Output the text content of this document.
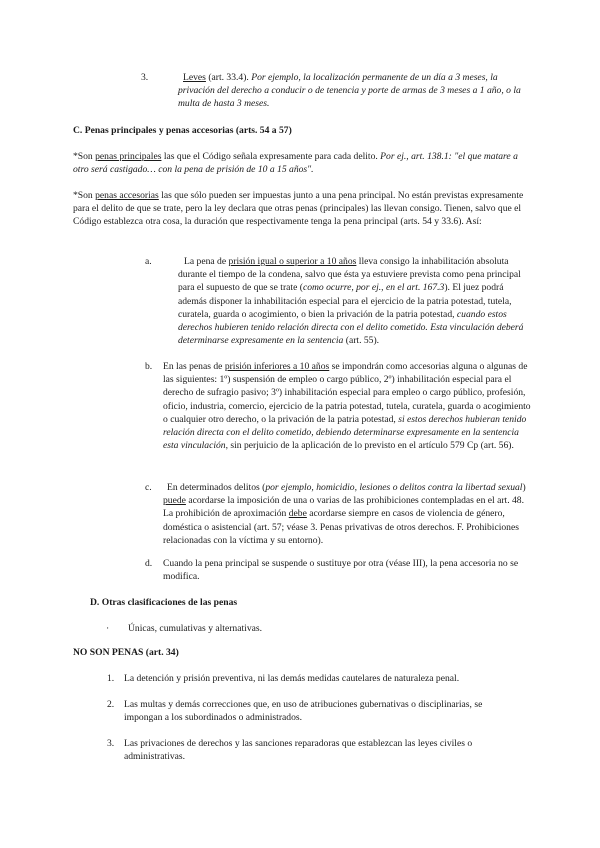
3.	Leves (art. 33.4). Por ejemplo, la localización permanente de un día a 3 meses, la privación del derecho a conducir o de tenencia y porte de armas de 3 meses a 1 año, o la multa de hasta 3 meses.

C. Penas principales y penas accesorias (arts. 54 a 57)

*Son penas principales las que el Código señala expresamente para cada delito. Por ej., art. 138.1: "el que matare a otro será castigado… con la pena de prisión de 10 a 15 años".

*Son penas accesorias las que sólo pueden ser impuestas junto a una pena principal. No están previstas expresamente para el delito de que se trate, pero la ley declara que otras penas (principales) las llevan consigo. Tienen, salvo que el Código establezca otra cosa, la duración que respectivamente tenga la pena principal (arts. 54 y 33.6). Así:

a.	La pena de prisión igual o superior a 10 años lleva consigo la inhabilitación absoluta durante el tiempo de la condena, salvo que ésta ya estuviere prevista como pena principal para el supuesto de que se trate (como ocurre, por ej., en el art. 167.3). El juez podrá además disponer la inhabilitación especial para el ejercicio de la patria potestad, tutela, curatela, guarda o acogimiento, o bien la privación de la patria potestad, cuando estos derechos hubieren tenido relación directa con el delito cometido. Esta vinculación deberá determinarse expresamente en la sentencia (art. 55).

b. En las penas de prisión inferiores a 10 años se impondrán como accesorias alguna o algunas de las siguientes: 1º) suspensión de empleo o cargo público, 2º) inhabilitación especial para el derecho de sufragio pasivo; 3º) inhabilitación especial para empleo o cargo público, profesión, oficio, industria, comercio, ejercicio de la patria potestad, tutela, curatela, guarda o acogimiento o cualquier otro derecho, o la privación de la patria potestad, si estos derechos hubieran tenido relación directa con el delito cometido, debiendo determinarse expresamente en la sentencia esta vinculación, sin perjuicio de la aplicación de lo previsto en el artículo 579 Cp (art. 56).

c.	En determinados delitos (por ejemplo, homicidio, lesiones o delitos contra la libertad sexual) puede acordarse la imposición de una o varias de las prohibiciones contempladas en el art. 48. La prohibición de aproximación debe acordarse siempre en casos de violencia de género, doméstica o asistencial (art. 57; véase 3. Penas privativas de otros derechos. F. Prohibiciones relacionadas con la víctima y su entorno).

d. Cuando la pena principal se suspende o sustituye por otra (véase III), la pena accesoria no se modifica.

D. Otras clasificaciones de las penas

· Únicas, cumulativas y alternativas.

NO SON PENAS (art. 34)

1. La detención y prisión preventiva, ni las demás medidas cautelares de naturaleza penal.

2. Las multas y demás correcciones que, en uso de atribuciones gubernativas o disciplinarias, se impongan a los subordinados o administrados.

3. Las privaciones de derechos y las sanciones reparadoras que establezcan las leyes civiles o administrativas.
